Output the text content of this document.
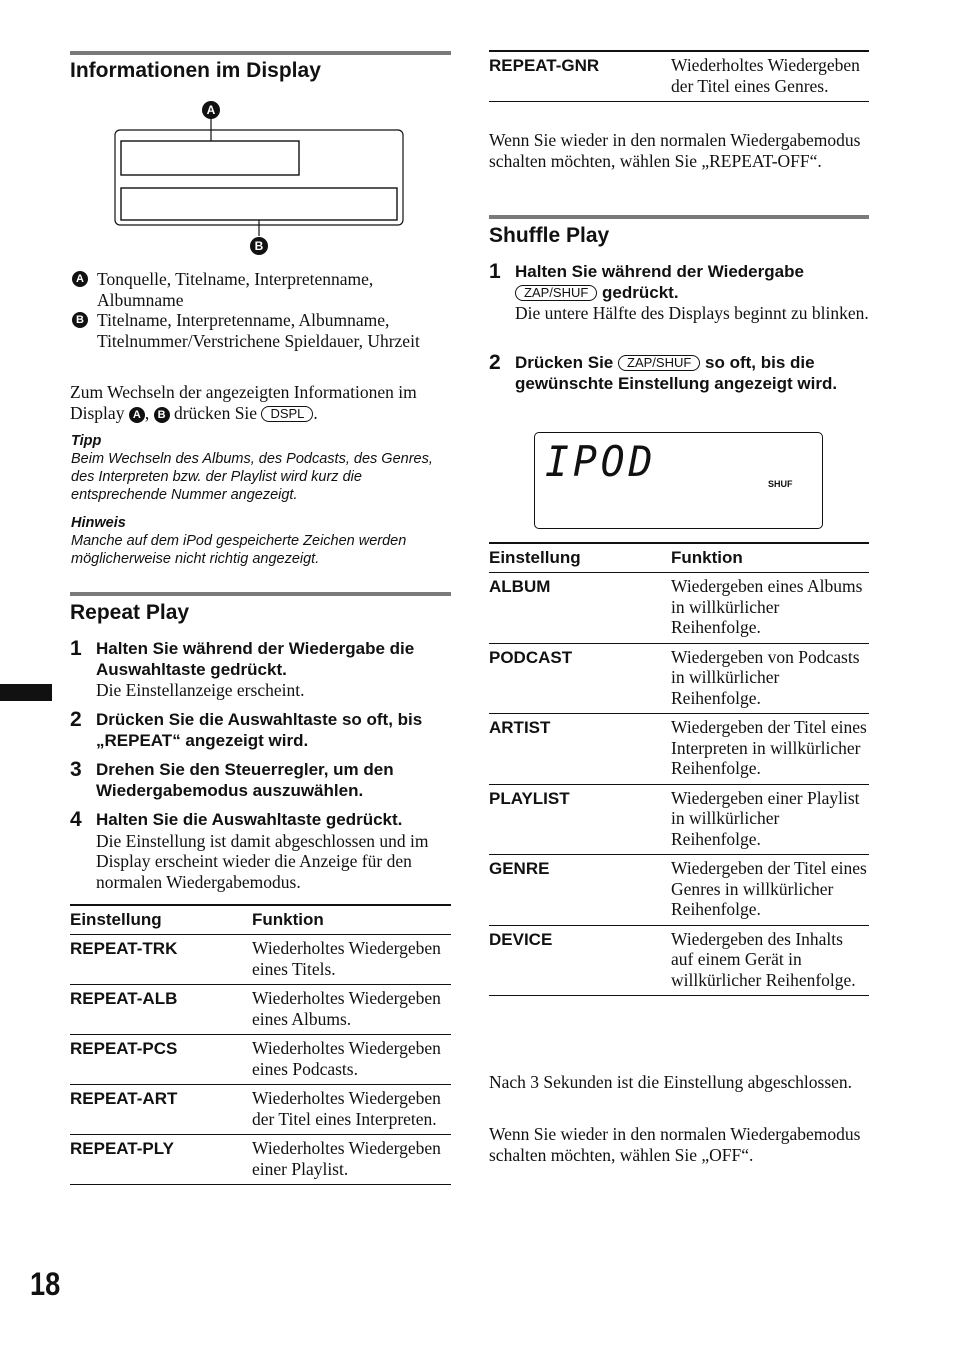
Informationen im Display
A
B
A Tonquelle, Titelname, Interpretenname, Albumname
B Titelname, Interpretenname, Albumname, Titelnummer/Verstrichene Spieldauer, Uhrzeit
Zum Wechseln der angezeigten Informationen im Display A , B drücken Sie DSPL .
Tipp
Beim Wechseln des Albums, des Podcasts, des Genres, des Interpreten bzw. der Playlist wird kurz die entsprechende Nummer angezeigt.
Hinweis
Manche auf dem iPod gespeicherte Zeichen werden möglicherweise nicht richtig angezeigt.
Repeat Play
1 Halten Sie während der Wiedergabe die Auswahltaste gedrückt.
Die Einstellanzeige erscheint.
2 Drücken Sie die Auswahltaste so oft, bis „REPEAT“ angezeigt wird.
3 Drehen Sie den Steuerregler, um den Wiedergabemodus auszuwählen.
4 Halten Sie die Auswahltaste gedrückt.
Die Einstellung ist damit abgeschlossen und im Display erscheint wieder die Anzeige für den normalen Wiedergabemodus.
Einstellung	Funktion
REPEAT-TRK	Wiederholtes Wiedergeben eines Titels.
REPEAT-ALB	Wiederholtes Wiedergeben eines Albums.
REPEAT-PCS	Wiederholtes Wiedergeben eines Podcasts.
REPEAT-ART	Wiederholtes Wiedergeben der Titel eines Interpreten.
REPEAT-PLY	Wiederholtes Wiedergeben einer Playlist.
18
REPEAT-GNR	Wiederholtes Wiedergeben der Titel eines Genres.
Wenn Sie wieder in den normalen Wiedergabemodus schalten möchten, wählen Sie „REPEAT-OFF“.
Shuffle Play
1 Halten Sie während der Wiedergabe
ZAP/SHUF gedrückt.
Die untere Hälfte des Displays beginnt zu blinken.
2 Drücken Sie ZAP/SHUF so oft, bis die gewünschte Einstellung angezeigt wird.
IPOD	SHUF
Einstellung	Funktion
ALBUM	Wiedergeben eines Albums in willkürlicher Reihenfolge.
PODCAST	Wiedergeben von Podcasts in willkürlicher Reihenfolge.
ARTIST	Wiedergeben der Titel eines Interpreten in willkürlicher Reihenfolge.
PLAYLIST	Wiedergeben einer Playlist in willkürlicher Reihenfolge.
GENRE	Wiedergeben der Titel eines Genres in willkürlicher Reihenfolge.
DEVICE	Wiedergeben des Inhalts auf einem Gerät in willkürlicher Reihenfolge.
Nach 3 Sekunden ist die Einstellung abgeschlossen.
Wenn Sie wieder in den normalen Wiedergabemodus schalten möchten, wählen Sie „OFF“.
